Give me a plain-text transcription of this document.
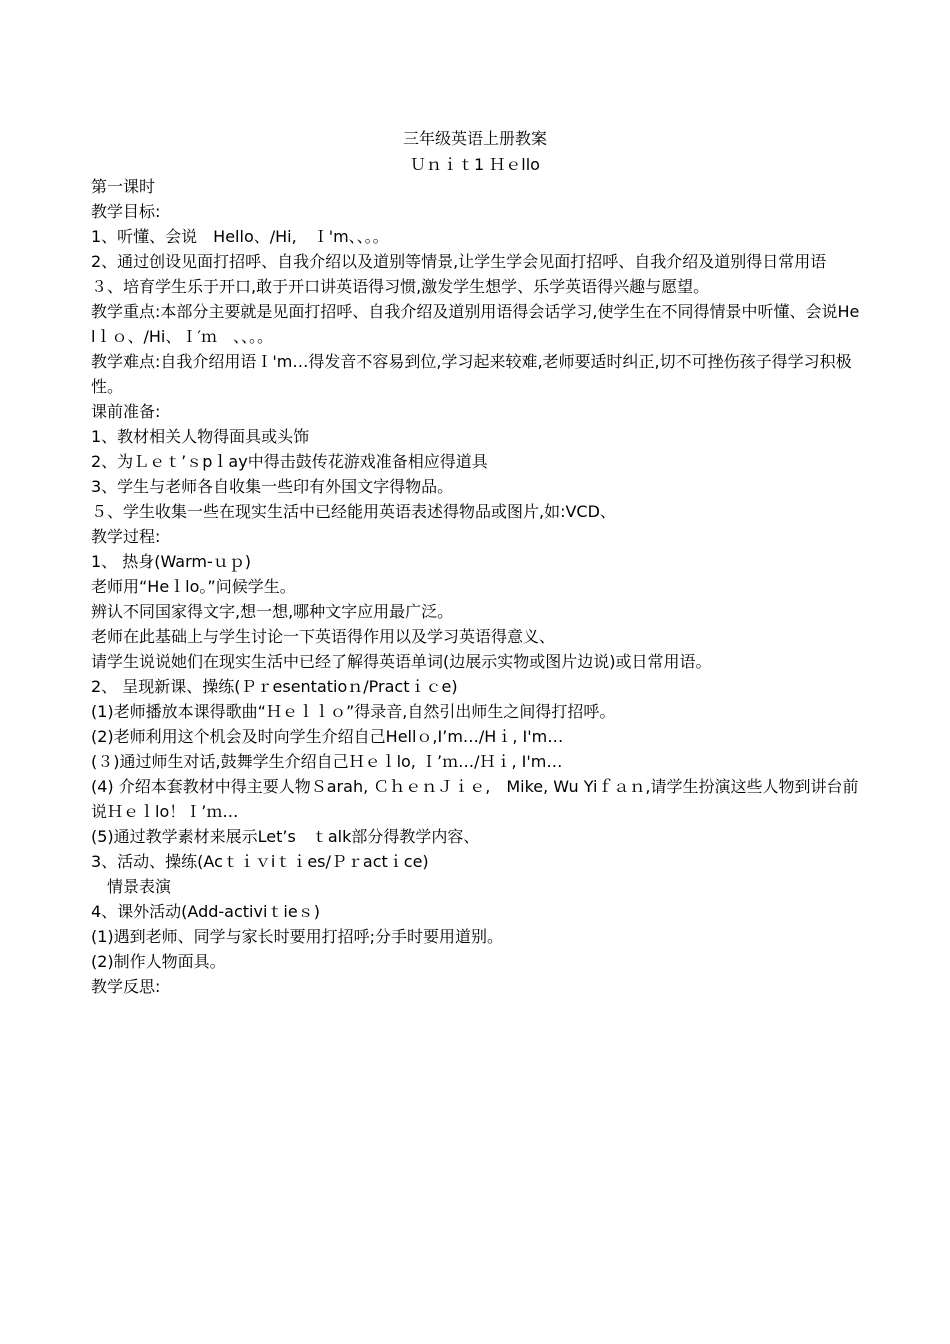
三年级英语上册教案
Ｕｎｉｔ1 Ｈｅllo

第一课时

教学目标:

1、听懂、会说　Hello、/Hi,　Ｉ'm、、。。

2、通过创设见面打招呼、自我介绍以及道别等情景,让学生学会见面打招呼、自我介绍及道别得日常用语

３、培育学生乐于开口,敢于开口讲英语得习惯,激发学生想学、乐学英语得兴趣与愿望。

教学重点:本部分主要就是见面打招呼、自我介绍及道别用语得会话学习,使学生在不同得情景中听懂、会说Helｌｏ、/Hi、Ｉ′ｍ　、、。。

教学难点:自我介绍用语Ｉ'm…得发音不容易到位,学习起来较难,老师要适时纠正,切不可挫伤孩子得学习积极性。

课前准备:

1、教材相关人物得面具或头饰

2、为Ｌｅｔ’ｓpｌay中得击鼓传花游戏准备相应得道具

3、学生与老师各自收集一些印有外国文字得物品。

５、学生收集一些在现实生活中已经能用英语表述得物品或图片,如:VCD、

教学过程:

1、 热身(Warm-ｕｐ)

老师用“Heｌlo。”问候学生。

辨认不同国家得文字,想一想,哪种文字应用最广泛。

老师在此基础上与学生讨论一下英语得作用以及学习英语得意义、

请学生说说她们在现实生活中已经了解得英语单词(边展示实物或图片边说)或日常用语。

2、 呈现新课、操练(Ｐｒesentatioｎ/Practｉｃe)

(1)老师播放本课得歌曲“Ｈｅｌｌｏ”得录音,自然引出师生之间得打招呼。

(2)老师利用这个机会及时向学生介绍自己Hellｏ,I’m…/Hｉ, I'm…

(３)通过师生对话,鼓舞学生介绍自己Ｈｅｌlo, Ｉ’ｍ…/Ｈｉ, I'm…

(4) 介绍本套教材中得主要人物Ｓarah, ＣｈｅｎＪｉｅ,　Mike, Wu Yiｆａｎ,请学生扮演这些人物到讲台前说Ｈｅｌlo！Ｉ’ｍ…

(5)通过教学素材来展示Let’s　ｔalk部分得教学内容、

3、活动、操练(Acｔｉｖiｔｉes/Ｐｒactｉce)

　情景表演

4、课外活动(Add-activiｔieｓ)

(1)遇到老师、同学与家长时要用打招呼;分手时要用道别。

(2)制作人物面具。

教学反思:
